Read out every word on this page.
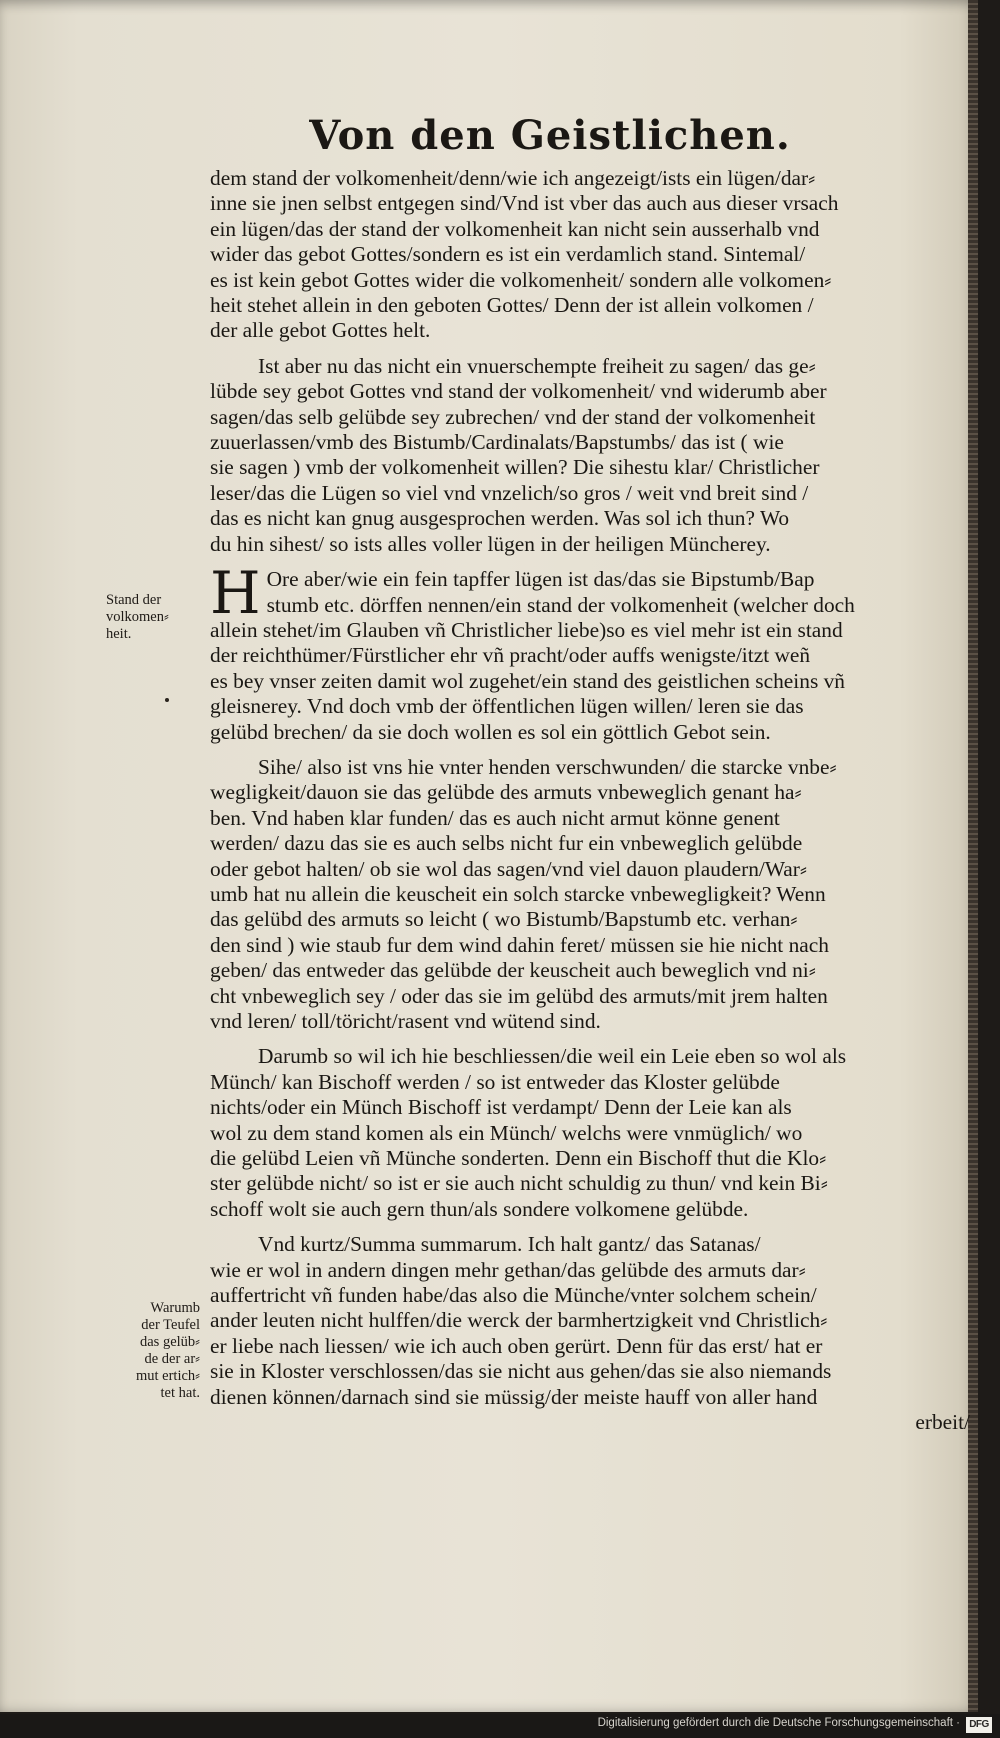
Von den Geistlichen.
dem stand der volkomenheit/denn/wie ich angezeigt/ists ein lügen/dar⸗
inne sie jnen selbst entgegen sind/Vnd ist vber das auch aus dieser vrsach
ein lügen/das der stand der volkomenheit kan nicht sein ausserhalb vnd
wider das gebot Gottes/sondern es ist ein verdamlich stand. Sintemal/
es ist kein gebot Gottes wider die volkomenheit/ sondern alle volkomen⸗
heit stehet allein in den geboten Gottes/ Denn der ist allein volkomen /
der alle gebot Gottes helt.
Ist aber nu das nicht ein vnuerschempte freiheit zu sagen/ das ge⸗
lübde sey gebot Gottes vnd stand der volkomenheit/ vnd widerumb aber
sagen/das selb gelübde sey zubrechen/ vnd der stand der volkomenheit
zuuerlassen/vmb des Bistumb/Cardinalats/Bapstumbs/ das ist ( wie
sie sagen ) vmb der volkomenheit willen? Die sihestu klar/ Christlicher
leser/das die Lügen so viel vnd vnzelich/so gros / weit vnd breit sind /
das es nicht kan gnug ausgesprochen werden. Was sol ich thun? Wo
du hin sihest/ so ists alles voller lügen in der heiligen Müncherey.
H Ore aber/wie ein fein tapffer lügen ist das/das sie Bipstumb/Bap
stumb etc. dörffen nennen/ein stand der volkomenheit (welcher doch
allein stehet/im Glauben vñ Christlicher liebe)so es viel mehr ist ein stand
der reichthümer/Fürstlicher ehr vñ pracht/oder auffs wenigste/itzt weñ
es bey vnser zeiten damit wol zugehet/ein stand des geistlichen scheins vñ
gleisnerey. Vnd doch vmb der öffentlichen lügen willen/ leren sie das
gelübd brechen/ da sie doch wollen es sol ein göttlich Gebot sein.
Sihe/ also ist vns hie vnter henden verschwunden/ die starcke vnbe⸗
wegligkeit/dauon sie das gelübde des armuts vnbeweglich genant ha⸗
ben. Vnd haben klar funden/ das es auch nicht armut könne genent
werden/ dazu das sie es auch selbs nicht fur ein vnbeweglich gelübde
oder gebot halten/ ob sie wol das sagen/vnd viel dauon plaudern/War⸗
umb hat nu allein die keuscheit ein solch starcke vnbewegligkeit? Wenn
das gelübd des armuts so leicht ( wo Bistumb/Bapstumb etc. verhan⸗
den sind ) wie staub fur dem wind dahin feret/ müssen sie hie nicht nach
geben/ das entweder das gelübde der keuscheit auch beweglich vnd ni⸗
cht vnbeweglich sey / oder das sie im gelübd des armuts/mit jrem halten
vnd leren/ toll/töricht/rasent vnd wütend sind.
Darumb so wil ich hie beschliessen/die weil ein Leie eben so wol als
Münch/ kan Bischoff werden / so ist entweder das Kloster gelübde
nichts/oder ein Münch Bischoff ist verdampt/ Denn der Leie kan als
wol zu dem stand komen als ein Münch/ welchs were vnmüglich/ wo
die gelübd Leien vñ Münche sonderten. Denn ein Bischoff thut die Klo⸗
ster gelübde nicht/ so ist er sie auch nicht schuldig zu thun/ vnd kein Bi⸗
schoff wolt sie auch gern thun/als sondere volkomene gelübde.
Vnd kurtz/Summa summarum. Ich halt gantz/ das Satanas/
wie er wol in andern dingen mehr gethan/das gelübde des armuts dar⸗
auffertricht vñ funden habe/das also die Münche/vnter solchem schein/
ander leuten nicht hulffen/die werck der barmhertzigkeit vnd Christlich⸗
er liebe nach liessen/ wie ich auch oben gerürt. Denn für das erst/ hat er
sie in Kloster verschlossen/das sie nicht aus gehen/das sie also niemands
dienen können/darnach sind sie müssig/der meiste hauff von aller hand
erbeit/
Stand der
volkomen⸗
heit.
Warumb
der Teufel
das gelüb⸗
de der ar⸗
mut ertich⸗
tet hat.
Digitalisierung gefördert durch die Deutsche Forschungsgemeinschaft · DFG
